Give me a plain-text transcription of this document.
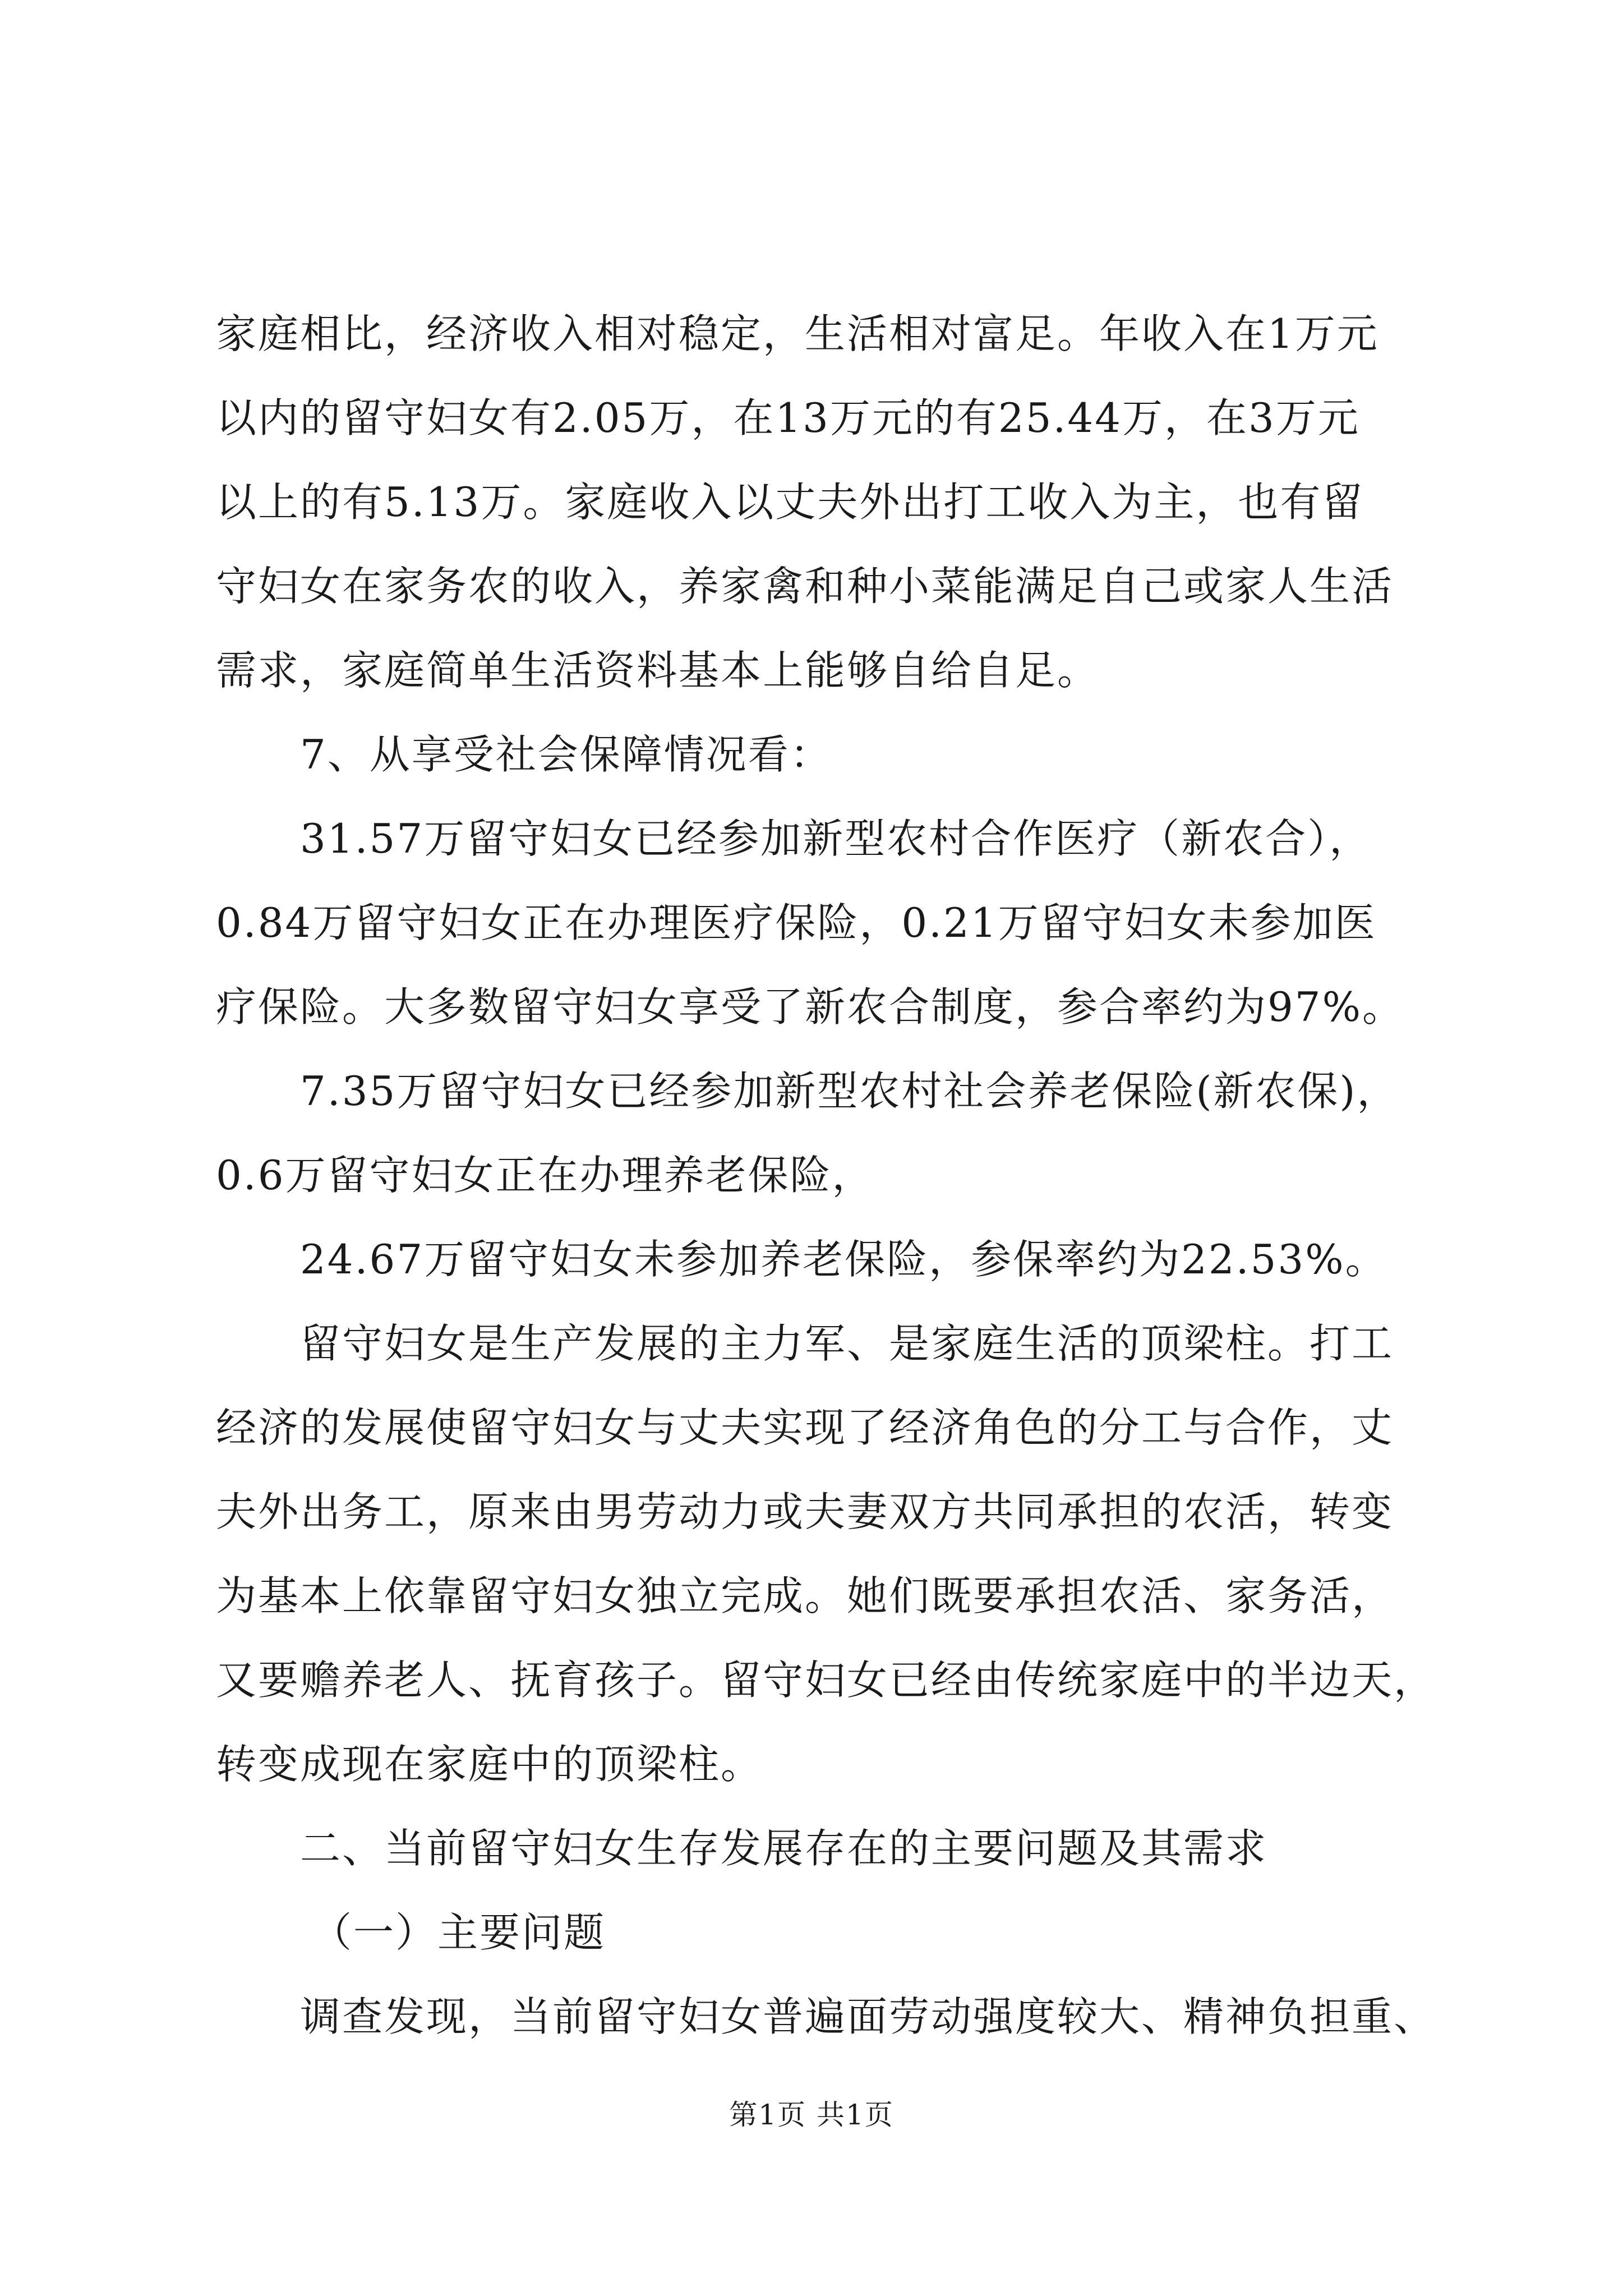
家庭相比，经济收入相对稳定，生活相对富足。年收入在1万元
以内的留守妇女有2.05万，在13万元的有25.44万，在3万元
以上的有5.13万。家庭收入以丈夫外出打工收入为主，也有留
守妇女在家务农的收入，养家禽和种小菜能满足自己或家人生活
需求，家庭简单生活资料基本上能够自给自足。
7、从享受社会保障情况看：
31.57万留守妇女已经参加新型农村合作医疗（新农合），
0.84万留守妇女正在办理医疗保险，0.21万留守妇女未参加医
疗保险。大多数留守妇女享受了新农合制度，参合率约为97%。
7.35万留守妇女已经参加新型农村社会养老保险(新农保)，
0.6万留守妇女正在办理养老保险，
24.67万留守妇女未参加养老保险，参保率约为22.53%。
留守妇女是生产发展的主力军、是家庭生活的顶梁柱。打工
经济的发展使留守妇女与丈夫实现了经济角色的分工与合作，丈
夫外出务工，原来由男劳动力或夫妻双方共同承担的农活，转变
为基本上依靠留守妇女独立完成。她们既要承担农活、家务活，
又要赡养老人、抚育孩子。留守妇女已经由传统家庭中的半边天，
转变成现在家庭中的顶梁柱。
二、当前留守妇女生存发展存在的主要问题及其需求
（一）主要问题
调查发现，当前留守妇女普遍面劳动强度较大、精神负担重、
第1页 共1页
